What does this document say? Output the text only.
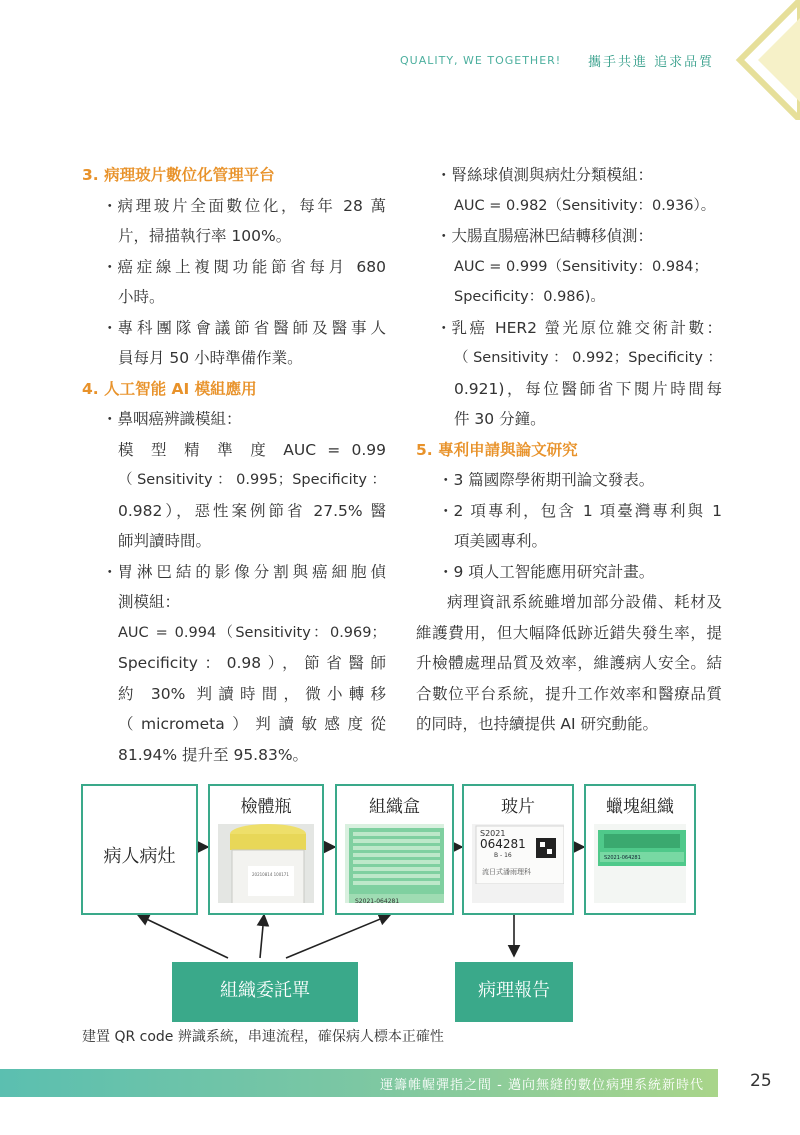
QUALITY, WE TOGETHER! 攜手共進 追求品質
3. 病理玻片數位化管理平台
・ 病理玻片全面數位化，每年 28 萬
片，掃描執行率 100%。
・ 癌症線上複閱功能節省每月 680
小時。
・ 專科團隊會議節省醫師及醫事人
員每月 50 小時準備作業。
4. 人工智能 AI 模組應用
・ 鼻咽癌辨識模組：
模 型 精 準 度 AUC = 0.99
（Sensitivity：0.995；Specificity：
0.982），惡性案例節省 27.5% 醫
師判讀時間。
・ 胃淋巴結的影像分割與癌細胞偵
測模組：
AUC = 0.994（Sensitivity：0.969；
Specificity：0.98），節省醫師
約 30% 判讀時間，微小轉移
（micrometa）判讀敏感度從
81.94% 提升至 95.83%。
・ 腎絲球偵測與病灶分類模組：
AUC = 0.982（Sensitivity：0.936）。
・ 大腸直腸癌淋巴結轉移偵測：
AUC = 0.999（Sensitivity：0.984；
Specificity：0.986)。
・ 乳癌 HER2 螢光原位雜交術計數：
（Sensitivity：0.992；Specificity：
0.921)，每位醫師省下閱片時間每
件 30 分鐘。
5. 專利申請與論文研究
・ 3 篇國際學術期刊論文發表。
・ 2 項專利，包含 1 項臺灣專利與 1
項美國專利。
・ 9 項人工智能應用研究計畫。
病理資訊系統雖增加部分設備、耗材及維護費用，但大幅降低跡近錯失發生率，提升檢體處理品質及效率，維護病人安全。結合數位平台系統，提升工作效率和醫療品質的同時，也持續提供 AI 研究動能。
病人病灶
檢體瓶
20210814 100171
組織盒
S2021-064281
玻片
S2021
064281
B - 16
流日式潘雨理科
蠟塊組織
S2021-064281
組織委託單	病理報告
建置 QR code 辨識系統，串連流程，確保病人標本正確性
運籌帷幄彈指之間 - 邁向無縫的數位病理系統新時代	25
